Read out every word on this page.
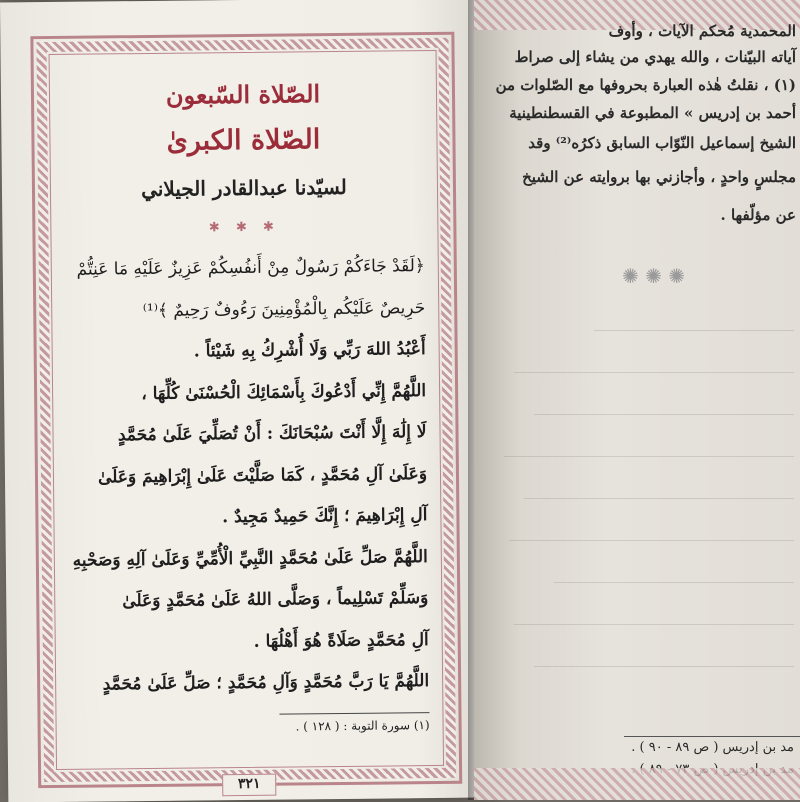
الصّلاة السّبعون
الصّلاة الكبرىٰ
لسيّدنا عبدالقادر الجيلاني
✱ ✱ ✱
﴿لَقَدْ جَاءَكُمْ رَسُولٌ مِنْ أَنفُسِكُمْ عَزِيزٌ عَلَيْهِ مَا عَنِتُّمْ
حَرِيصٌ عَلَيْكُم بِالْمُؤْمِنِينَ رَءُوفٌ رَحِيمٌ ﴾⁽¹⁾
أَعْبُدُ اللهَ رَبِّي وَلَا أُشْرِكُ بِهِ شَيْئاً .
اللَّهُمَّ إِنِّي أَدْعُوكَ بِأَسْمَائِكَ الْحُسْنَىٰ كُلِّهَا ،
لَا إِلَٰهَ إِلَّا أَنْتَ سُبْحَانَكَ : أَنْ تُصَلِّيَ عَلَىٰ مُحَمَّدٍ
وَعَلَىٰ آلِ مُحَمَّدٍ ، كَمَا صَلَّيْتَ عَلَىٰ إِبْرَاهِيمَ وَعَلَىٰ
آلِ إِبْرَاهِيمَ ؛ إِنَّكَ حَمِيدٌ مَجِيدٌ .
اللَّهُمَّ صَلِّ عَلَىٰ مُحَمَّدٍ النَّبِيِّ الْأُمِّيِّ وَعَلَىٰ آلِهِ وَصَحْبِهِ
وَسَلِّمْ تَسْلِيماً ، وَصَلَّى اللهُ عَلَىٰ مُحَمَّدٍ وَعَلَىٰ
آلِ مُحَمَّدٍ صَلَاةً هُوَ أَهْلُهَا .
اللَّهُمَّ يَا رَبَّ مُحَمَّدٍ وَآلِ مُحَمَّدٍ ؛ صَلِّ عَلَىٰ مُحَمَّدٍ
(١) سورة التوبة : ( ١٢٨ ) .
٣٢١
المحمدية مُحكم الآيات ، وأوف
آياته البيّنات ، والله يهدي من يشاء إلى صراط
(١) ، نقلتُ هٰذه العبارة بحروفها مع الصّلوات من
أحمد بن إدريس » المطبوعة في القسطنطينية
الشيخ إسماعيل النّوّاب السابق ذكرُه⁽²⁾ وقد
مجلسٍ واحدٍ ، وأجازني بها بروايته عن الشيخ
عن مؤلّفها .
✺ ✺ ✺
مد بن إدريس ( ص ٨٩ - ٩٠ ) .
